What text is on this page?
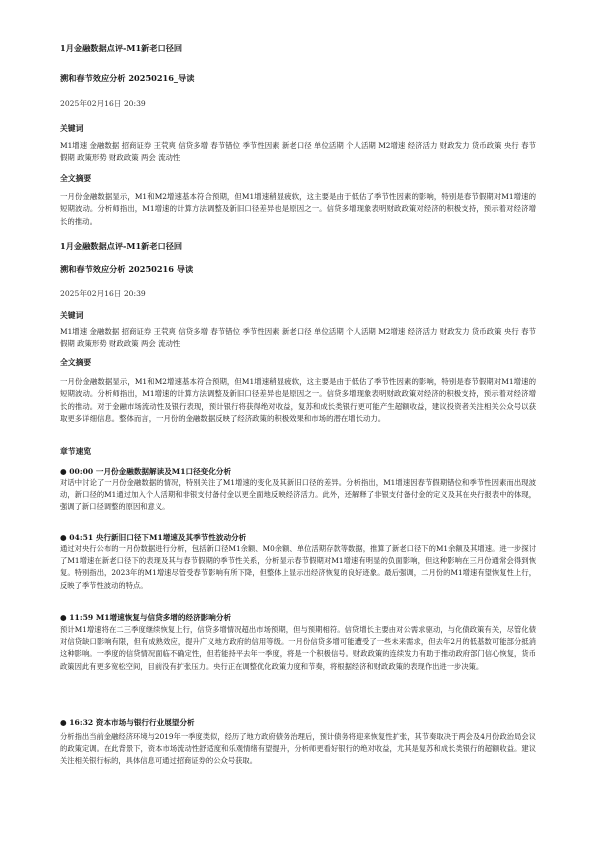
1月金融数据点评-M1新老口径回
溯和春节效应分析 20250216_导读
2025年02月16日 20:39
关键词
M1增速 金融数据 招商证券 王茕爽 信贷多增 春节错位 季节性因素 新老口径 单位活期 个人活期 M2增速 经济活力 财政发力 货币政策 央行 春节假期 政策形势 财政政策 两会 流动性
全文摘要
一月份金融数据显示，M1和M2增速基本符合预期，但M1增速稍显疲软，这主要是由于低估了季节性因素的影响，特别是春节假期对M1增速的短期波动。分析师指出，M1增速的计算方法调整及新旧口径差异也是原因之一。信贷多增现象表明财政政策对经济的积极支持，预示着对经济增长的推动。
1月金融数据点评-M1新老口径回
溯和春节效应分析 20250216 导读
2025年02月16日 20:39
关键词
M1增速 金融数据 招商证券 王茕爽 信贷多增 春节错位 季节性因素 新老口径 单位活期 个人活期 M2增速 经济活力 财政发力 货币政策 央行 春节假期 政策形势 财政政策 两会 流动性
全文摘要
一月份金融数据显示，M1和M2增速基本符合预期，但M1增速稍显疲软，这主要是由于低估了季节性因素的影响，特别是春节假期对M1增速的短期波动。分析师指出，M1增速的计算方法调整及新旧口径差异也是原因之一。信贷多增现象表明财政政策对经济的积极支持，预示着对经济增长的推动。对于金融市场流动性及银行表现，预计银行将获得绝对收益，复苏和成长类银行更可能产生超额收益，建议投资者关注相关公众号以获取更多详细信息。整体而言，一月份的金融数据反映了经济政策的积极效果和市场的潜在增长动力。
章节速览
● 00:00 一月份金融数据解读及M1口径变化分析
对话中讨论了一月份金融数据的情况，特别关注了M1增速的变化及其新旧口径的差异。分析指出，M1增速因春节假期错位和季节性因素而出现波动，新口径的M1通过加入个人活期和非银支付备付金以更全面地反映经济活力。此外，还解释了非银支付备付金的定义及其在央行报表中的体现，强调了新口径调整的原因和意义。
● 04:51 央行新旧口径下M1增速及其季节性波动分析
通过对央行公布的一月份数据进行分析，包括新口径M1余额、M0余额、单位活期存款等数据，推算了新老口径下的M1余额及其增速。进一步探讨了M1增速在新老口径下的表现及其与春节假期的季节性关系，分析显示春节假期对M1增速有明显的负面影响，但这种影响在三月份通常会得到恢复。特别指出，2023年的M1增速尽管受春节影响有所下降，但整体上显示出经济恢复的良好迹象。最后强调，二月份的M1增速有望恢复性上行，反映了季节性波动的特点。
● 11:59 M1增速恢复与信贷多增的经济影响分析
预计M1增速将在二三季度继续恢复上行，信贷多增情况超出市场预期，但与预期相符。信贷增长主要由对公需求驱动，与化债政策有关，尽管化债对信贷缺口影响有限，但有成熟效应，提升广义地方政府的信用等级。一月份信贷多增可能遭受了一些未来需求，但去年2月的低基数可能部分抵消这种影响。一季度的信贷情况面临不确定性，但若能持平去年一季度，将是一个积极信号。财政政策的连续发力有助于推动政府部门信心恢复，货币政策因此有更多宽松空间，目前没有扩张压力。央行正在调整优化政策力度和节奏，将根据经济和财政政策的表现作出进一步决策。
● 16:32 资本市场与银行行业展望分析
分析指出当前金融经济环境与2019年一季度类似，经历了地方政府债务治理后，预计债务将迎来恢复性扩张，其节奏取决于两会及4月份政治局会议的政策定调。在此背景下，资本市场流动性舒适度和乐观情绪有望提升，分析师更看好银行的绝对收益，尤其是复苏和成长类银行的超额收益。建议关注相关银行标的，具体信息可通过招商证券的公众号获取。
